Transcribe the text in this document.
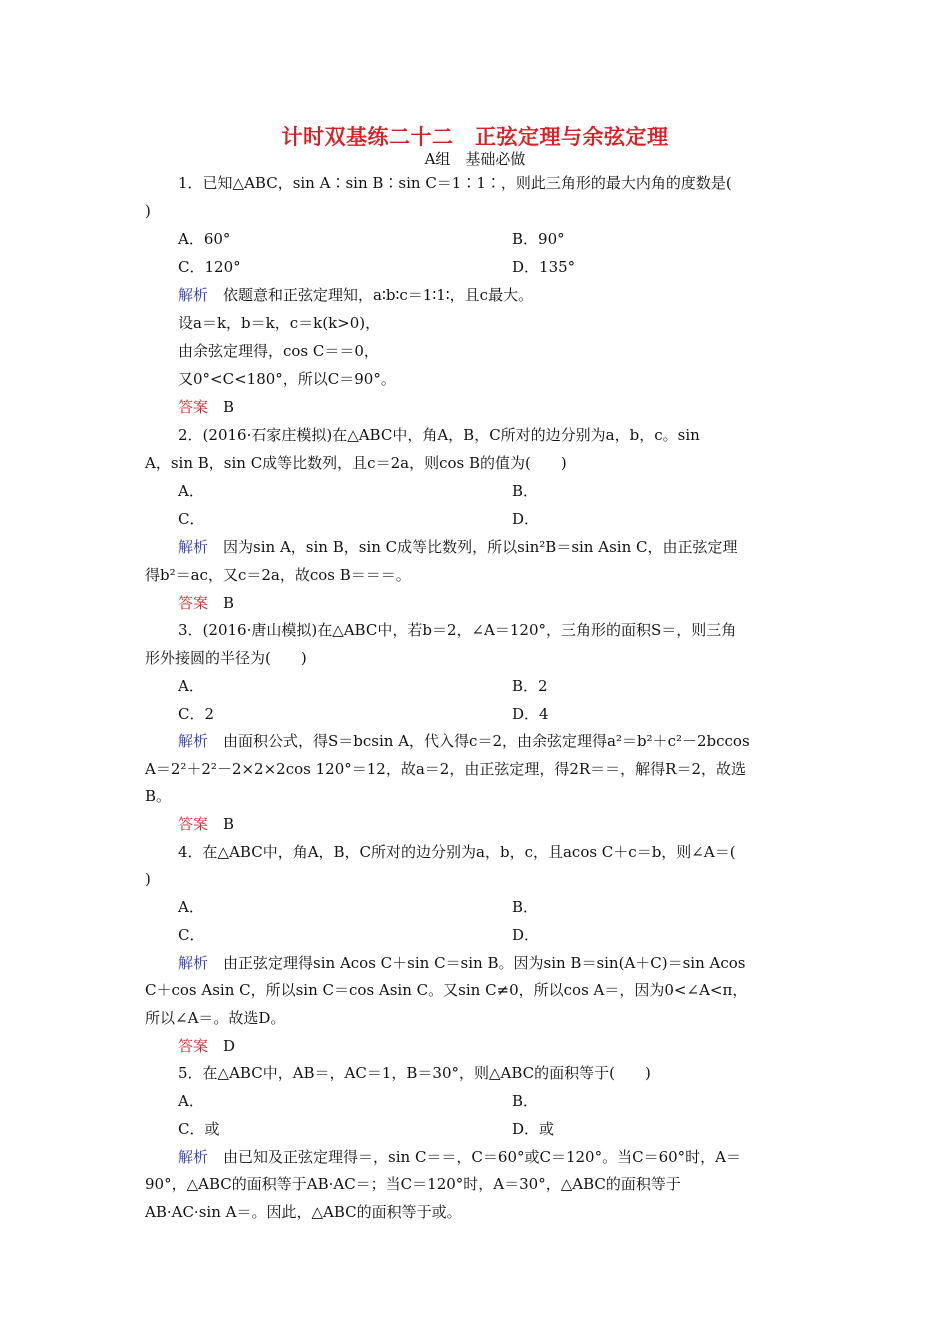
计时双基练二十二　正弦定理与余弦定理
A组　基础必做
1．已知△ABC，sin A∶sin B∶sin C＝1∶1∶，则此三角形的最大内角的度数是(
)
A．60°	B．90°
C．120°	D．135°
解析　依题意和正弦定理知，a∶b∶c＝1∶1∶，且c最大。
设a＝k，b＝k，c＝k(k>0)，
由余弦定理得，cos C＝＝0，
又0°<C<180°，所以C＝90°。
答案　B
2．(2016·石家庄模拟)在△ABC中，角A，B，C所对的边分别为a，b，c。sin
A，sin B，sin C成等比数列，且c＝2a，则cos B的值为(　　)
A．	B．
C．	D．
解析　因为sin A，sin B，sin C成等比数列，所以sin²B＝sin Asin C，由正弦定理
得b²＝ac，又c＝2a，故cos B＝＝＝。
答案　B
3．(2016·唐山模拟)在△ABC中，若b＝2，∠A＝120°，三角形的面积S＝，则三角
形外接圆的半径为(　　)
A．	B．2
C．2	D．4
解析　由面积公式，得S＝bcsin A，代入得c＝2，由余弦定理得a²＝b²＋c²－2bccos
A＝2²＋2²－2×2×2cos 120°＝12，故a＝2，由正弦定理，得2R＝＝，解得R＝2，故选
B。
答案　B
4．在△ABC中，角A，B，C所对的边分别为a，b，c，且acos C＋c＝b，则∠A＝(
)
A．	B．
C．	D．
解析　由正弦定理得sin Acos C＋sin C＝sin B。因为sin B＝sin(A＋C)＝sin Acos
C＋cos Asin C，所以sin C＝cos Asin C。又sin C≠0，所以cos A＝，因为0<∠A<π，
所以∠A＝。故选D。
答案　D
5．在△ABC中，AB＝，AC＝1，B＝30°，则△ABC的面积等于(　　)
A．	B．
C．或	D．或
解析　由已知及正弦定理得＝，sin C＝＝，C＝60°或C＝120°。当C＝60°时，A＝
90°，△ABC的面积等于AB·AC＝；当C＝120°时，A＝30°，△ABC的面积等于
AB·AC·sin A＝。因此，△ABC的面积等于或。
